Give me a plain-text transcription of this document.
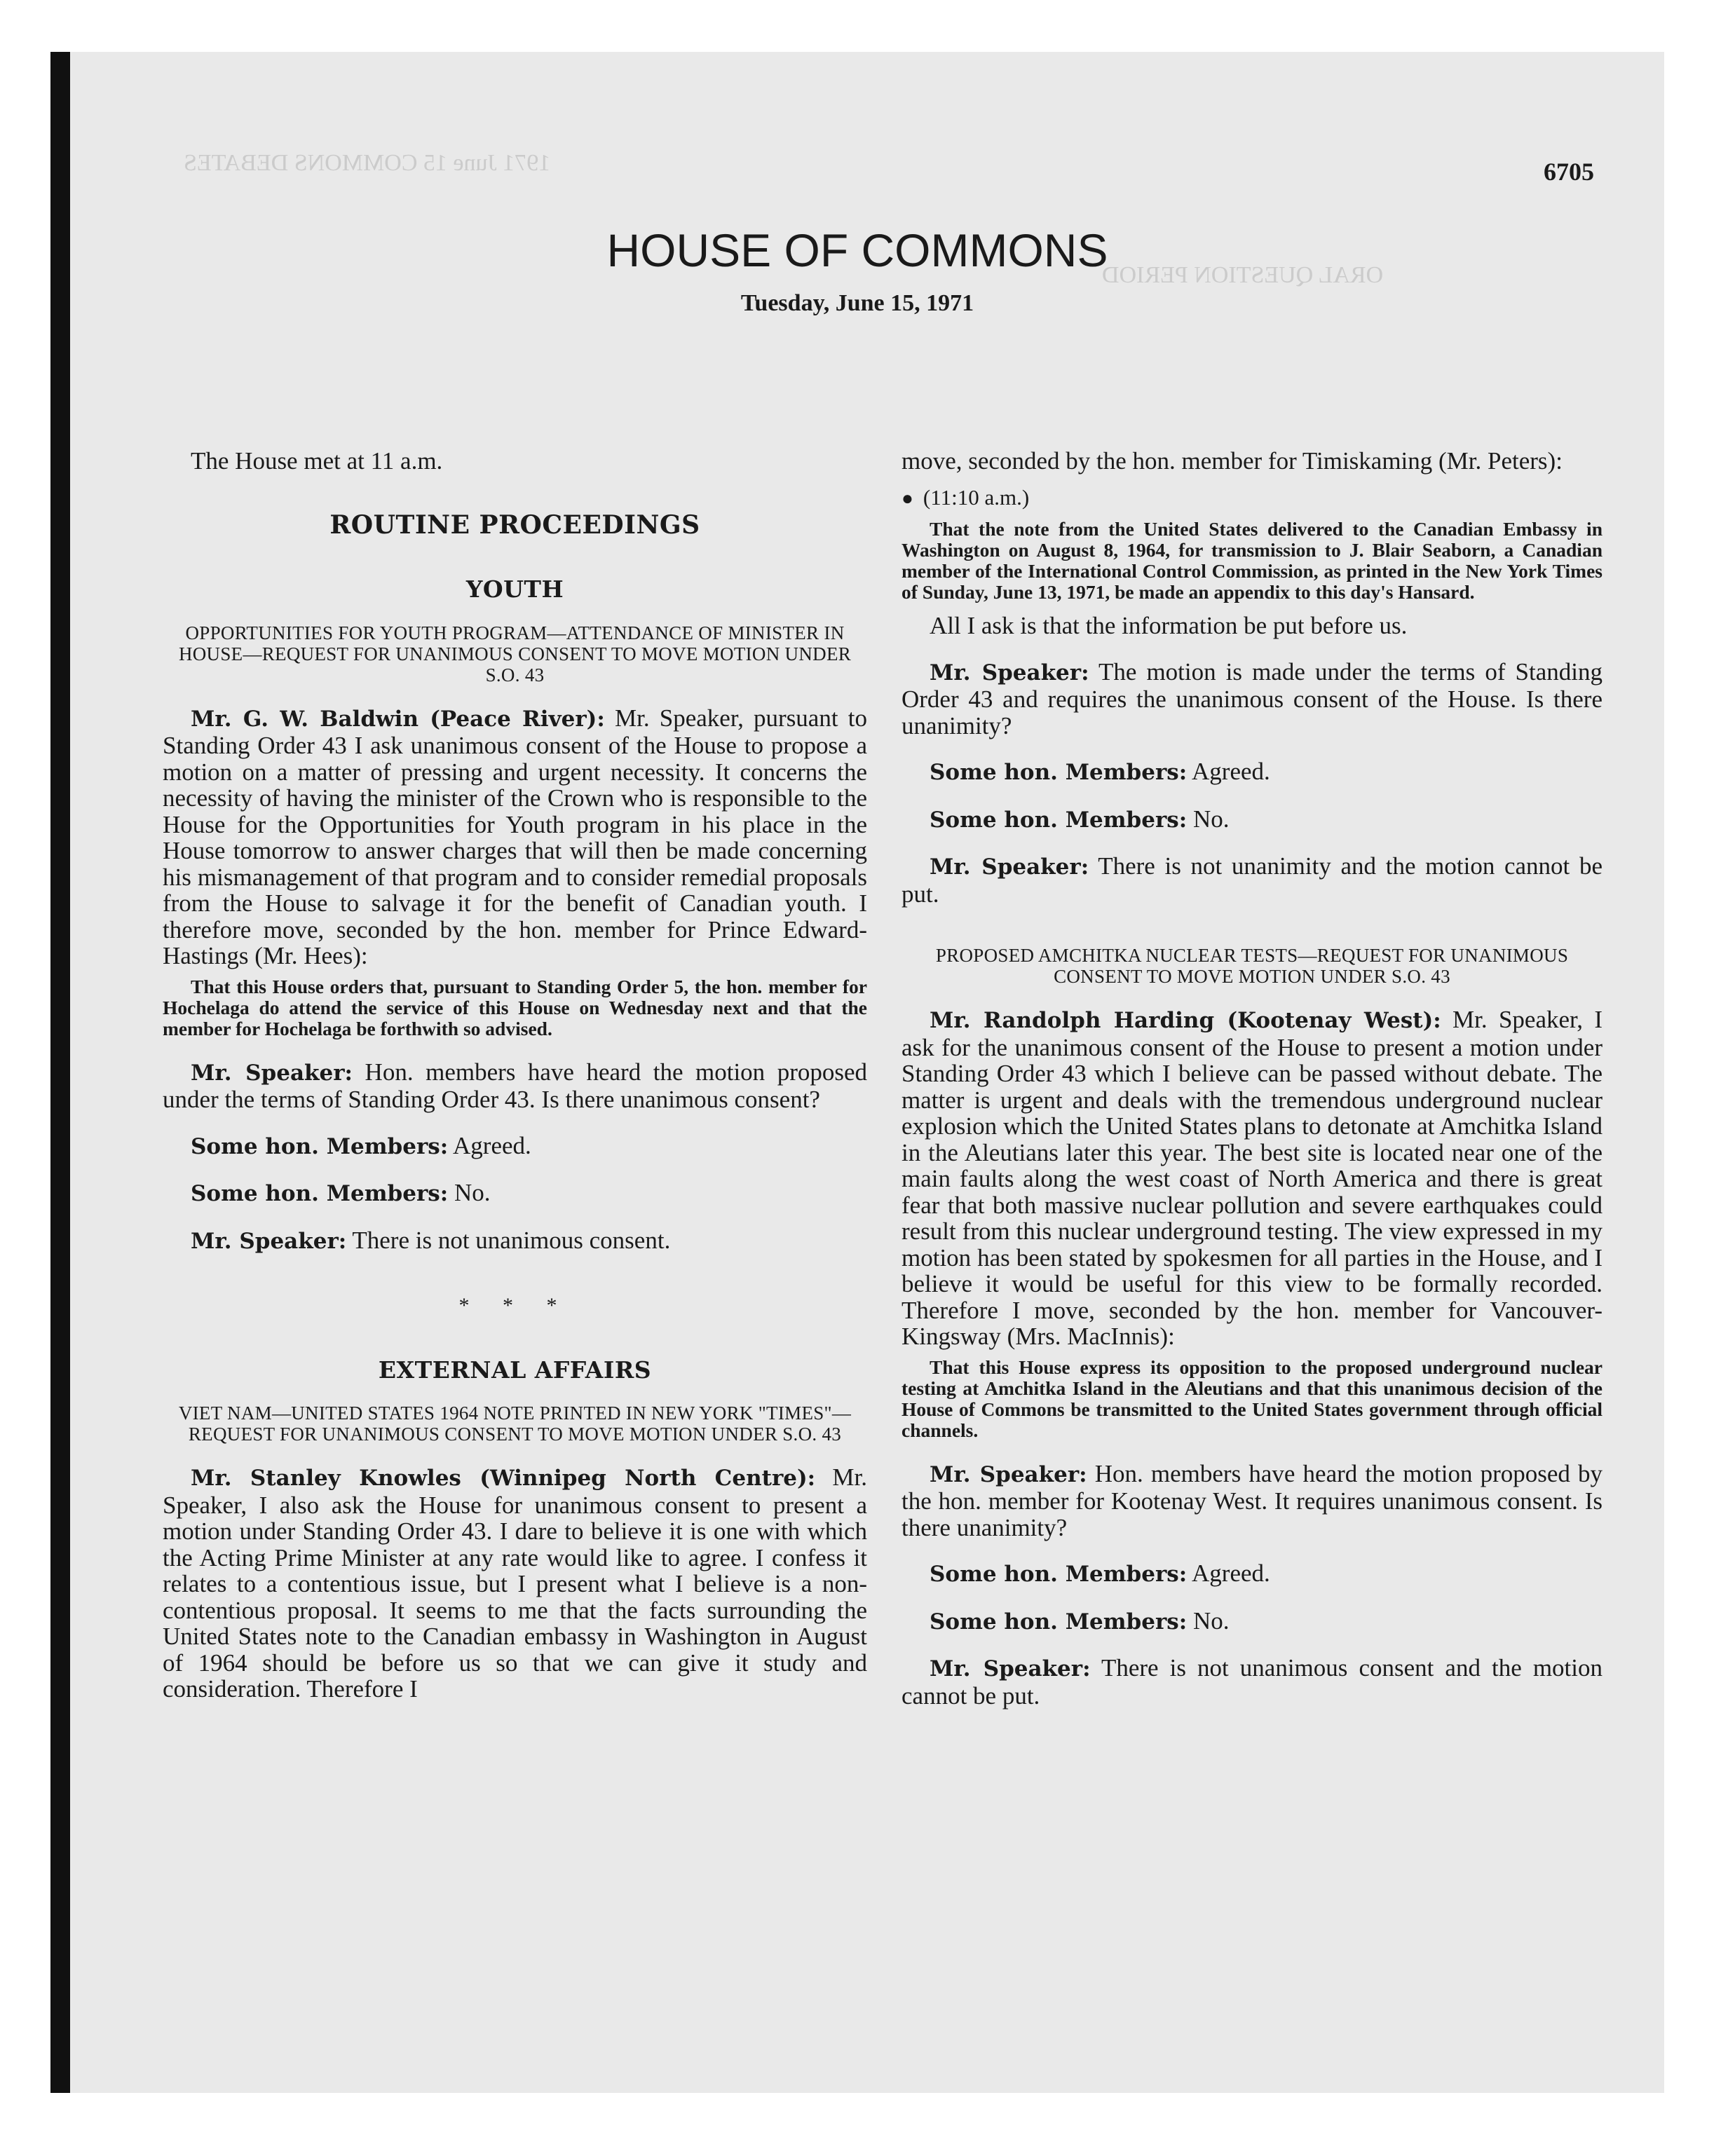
1971 June 15 COMMONS DEBATES
ORAL QUESTION PERIOD
6705
HOUSE OF COMMONS
Tuesday, June 15, 1971

The House met at 11 a.m.

ROUTINE PROCEEDINGS
YOUTH
OPPORTUNITIES FOR YOUTH PROGRAM—ATTENDANCE OF MINISTER IN HOUSE—REQUEST FOR UNANIMOUS CONSENT TO MOVE MOTION UNDER S.O. 43

Mr. G. W. Baldwin (Peace River): Mr. Speaker, pursuant to Standing Order 43 I ask unanimous consent of the House to propose a motion on a matter of pressing and urgent necessity. It concerns the necessity of having the minister of the Crown who is responsible to the House for the Opportunities for Youth program in his place in the House tomorrow to answer charges that will then be made concerning his mismanagement of that program and to consider remedial proposals from the House to salvage it for the benefit of Canadian youth. I therefore move, seconded by the hon. member for Prince Edward-Hastings (Mr. Hees):

That this House orders that, pursuant to Standing Order 5, the hon. member for Hochelaga do attend the service of this House on Wednesday next and that the member for Hochelaga be forthwith so advised.

Mr. Speaker: Hon. members have heard the motion proposed under the terms of Standing Order 43. Is there unanimous consent?

Some hon. Members: Agreed.

Some hon. Members: No.

Mr. Speaker: There is not unanimous consent.

* * *
EXTERNAL AFFAIRS
VIET NAM—UNITED STATES 1964 NOTE PRINTED IN NEW YORK "TIMES"—REQUEST FOR UNANIMOUS CONSENT TO MOVE MOTION UNDER S.O. 43

Mr. Stanley Knowles (Winnipeg North Centre): Mr. Speaker, I also ask the House for unanimous consent to present a motion under Standing Order 43. I dare to believe it is one with which the Acting Prime Minister at any rate would like to agree. I confess it relates to a contentious issue, but I present what I believe is a non-contentious proposal. It seems to me that the facts surrounding the United States note to the Canadian embassy in Washington in August of 1964 should be before us so that we can give it study and consideration. Therefore I

move, seconded by the hon. member for Timiskaming (Mr. Peters):

● (11:10 a.m.)

That the note from the United States delivered to the Canadian Embassy in Washington on August 8, 1964, for transmission to J. Blair Seaborn, a Canadian member of the International Control Commission, as printed in the New York Times of Sunday, June 13, 1971, be made an appendix to this day's Hansard.

All I ask is that the information be put before us.

Mr. Speaker: The motion is made under the terms of Standing Order 43 and requires the unanimous consent of the House. Is there unanimity?

Some hon. Members: Agreed.

Some hon. Members: No.

Mr. Speaker: There is not unanimity and the motion cannot be put.

PROPOSED AMCHITKA NUCLEAR TESTS—REQUEST FOR UNANIMOUS CONSENT TO MOVE MOTION UNDER S.O. 43

Mr. Randolph Harding (Kootenay West): Mr. Speaker, I ask for the unanimous consent of the House to present a motion under Standing Order 43 which I believe can be passed without debate. The matter is urgent and deals with the tremendous underground nuclear explosion which the United States plans to detonate at Amchitka Island in the Aleutians later this year. The best site is located near one of the main faults along the west coast of North America and there is great fear that both massive nuclear pollution and severe earthquakes could result from this nuclear underground testing. The view expressed in my motion has been stated by spokesmen for all parties in the House, and I believe it would be useful for this view to be formally recorded. Therefore I move, seconded by the hon. member for Vancouver-Kingsway (Mrs. MacInnis):

That this House express its opposition to the proposed underground nuclear testing at Amchitka Island in the Aleutians and that this unanimous decision of the House of Commons be transmitted to the United States government through official channels.

Mr. Speaker: Hon. members have heard the motion proposed by the hon. member for Kootenay West. It requires unanimous consent. Is there unanimity?

Some hon. Members: Agreed.

Some hon. Members: No.

Mr. Speaker: There is not unanimous consent and the motion cannot be put.
